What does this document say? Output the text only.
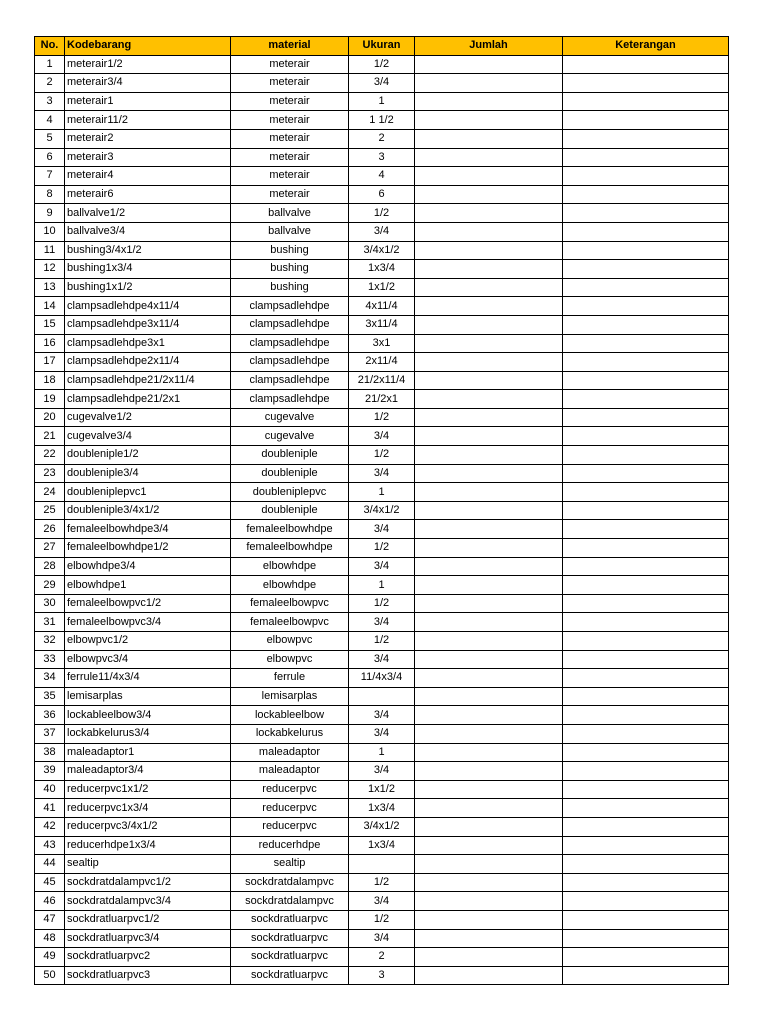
No.	Kodebarang	material	Ukuran	Jumlah	Keterangan
1	meterair1/2	meterair	1/2		
2	meterair3/4	meterair	3/4		
3	meterair1	meterair	1		
4	meterair11/2	meterair	1 1/2		
5	meterair2	meterair	2		
6	meterair3	meterair	3		
7	meterair4	meterair	4		
8	meterair6	meterair	6		
9	ballvalve1/2	ballvalve	1/2		
10	ballvalve3/4	ballvalve	3/4		
11	bushing3/4x1/2	bushing	3/4x1/2		
12	bushing1x3/4	bushing	1x3/4		
13	bushing1x1/2	bushing	1x1/2		
14	clampsadlehdpe4x11/4	clampsadlehdpe	4x11/4		
15	clampsadlehdpe3x11/4	clampsadlehdpe	3x11/4		
16	clampsadlehdpe3x1	clampsadlehdpe	3x1		
17	clampsadlehdpe2x11/4	clampsadlehdpe	2x11/4		
18	clampsadlehdpe21/2x11/4	clampsadlehdpe	21/2x11/4		
19	clampsadlehdpe21/2x1	clampsadlehdpe	21/2x1		
20	cugevalve1/2	cugevalve	1/2		
21	cugevalve3/4	cugevalve	3/4		
22	doubleniple1/2	doubleniple	1/2		
23	doubleniple3/4	doubleniple	3/4		
24	doubleniplepvc1	doubleniplepvc	1		
25	doubleniple3/4x1/2	doubleniple	3/4x1/2		
26	femaleelbowhdpe3/4	femaleelbowhdpe	3/4		
27	femaleelbowhdpe1/2	femaleelbowhdpe	1/2		
28	elbowhdpe3/4	elbowhdpe	3/4		
29	elbowhdpe1	elbowhdpe	1		
30	femaleelbowpvc1/2	femaleelbowpvc	1/2		
31	femaleelbowpvc3/4	femaleelbowpvc	3/4		
32	elbowpvc1/2	elbowpvc	1/2		
33	elbowpvc3/4	elbowpvc	3/4		
34	ferrule11/4x3/4	ferrule	11/4x3/4		
35	lemisarplas	lemisarplas			
36	lockableelbow3/4	lockableelbow	3/4		
37	lockabkelurus3/4	lockabkelurus	3/4		
38	maleadaptor1	maleadaptor	1		
39	maleadaptor3/4	maleadaptor	3/4		
40	reducerpvc1x1/2	reducerpvc	1x1/2		
41	reducerpvc1x3/4	reducerpvc	1x3/4		
42	reducerpvc3/4x1/2	reducerpvc	3/4x1/2		
43	reducerhdpe1x3/4	reducerhdpe	1x3/4		
44	sealtip	sealtip			
45	sockdratdalampvc1/2	sockdratdalampvc	1/2		
46	sockdratdalampvc3/4	sockdratdalampvc	3/4		
47	sockdratluarpvc1/2	sockdratluarpvc	1/2		
48	sockdratluarpvc3/4	sockdratluarpvc	3/4		
49	sockdratluarpvc2	sockdratluarpvc	2		
50	sockdratluarpvc3	sockdratluarpvc	3		
